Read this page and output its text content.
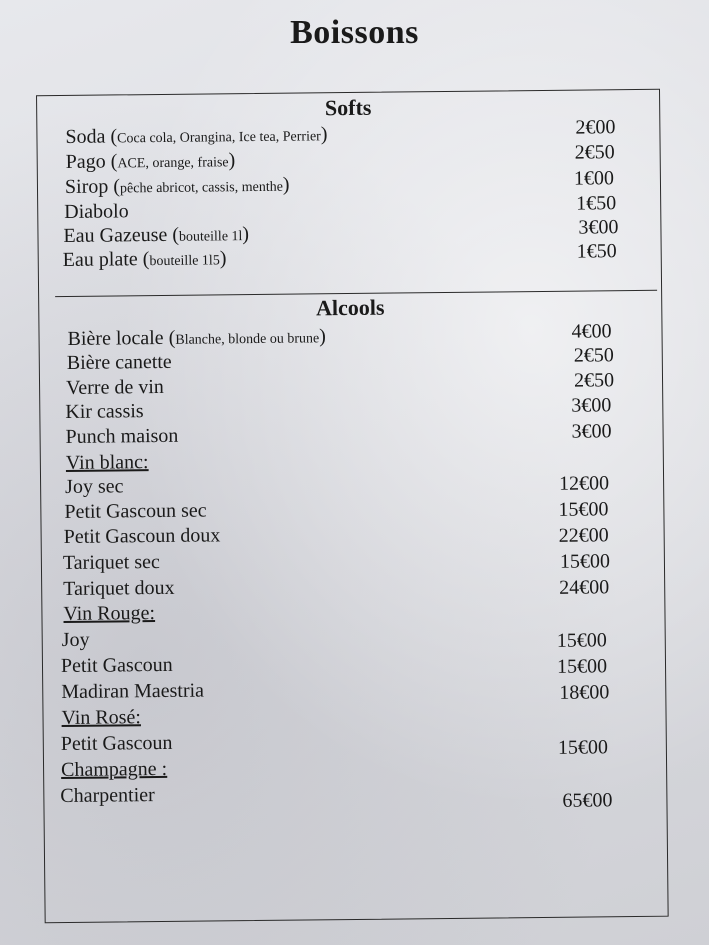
Boissons
Softs
Soda (Coca cola, Orangina, Ice tea, Perrier)	2€00
Pago (ACE, orange, fraise)	2€50
Sirop (pêche abricot, cassis, menthe)	1€00
Diabolo	1€50
Eau Gazeuse (bouteille 1l)	3€00
Eau plate (bouteille 1l5)	1€50
Alcools
Bière locale (Blanche, blonde ou brune)	4€00
Bière canette	2€50
Verre de vin	2€50
Kir cassis	3€00
Punch maison	3€00
Vin blanc:
Joy sec	12€00
Petit Gascoun sec	15€00
Petit Gascoun doux	22€00
Tariquet sec	15€00
Tariquet doux	24€00
Vin Rouge:
Joy	15€00
Petit Gascoun	15€00
Madiran Maestria	18€00
Vin Rosé:
Petit Gascoun	15€00
Champagne :
Charpentier	65€00
